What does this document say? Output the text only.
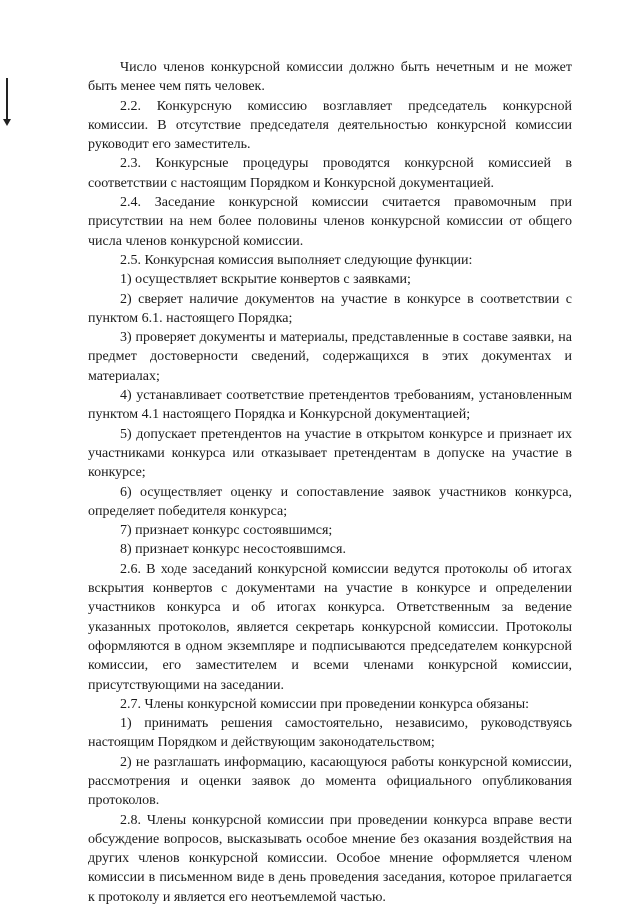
Число членов конкурсной комиссии должно быть нечетным и не может быть менее чем пять человек.

2.2. Конкурсную комиссию возглавляет председатель конкурсной комиссии. В отсутствие председателя деятельностью конкурсной комиссии руководит его заместитель.

2.3. Конкурсные процедуры проводятся конкурсной комиссией в соответствии с настоящим Порядком и Конкурсной документацией.

2.4. Заседание конкурсной комиссии считается правомочным при присутствии на нем более половины членов конкурсной комиссии от общего числа членов конкурсной комиссии.

2.5. Конкурсная комиссия выполняет следующие функции:

1) осуществляет вскрытие конвертов с заявками;

2) сверяет наличие документов на участие в конкурсе в соответствии с пунктом 6.1. настоящего Порядка;

3) проверяет документы и материалы, представленные в составе заявки, на предмет достоверности сведений, содержащихся в этих документах и материалах;

4) устанавливает соответствие претендентов требованиям, установленным пунктом 4.1 настоящего Порядка и Конкурсной документацией;

5) допускает претендентов на участие в открытом конкурсе и признает их участниками конкурса или отказывает претендентам в допуске на участие в конкурсе;

6) осуществляет оценку и сопоставление заявок участников конкурса, определяет победителя конкурса;

7) признает конкурс состоявшимся;

8) признает конкурс несостоявшимся.

2.6. В ходе заседаний конкурсной комиссии ведутся протоколы об итогах вскрытия конвертов с документами на участие в конкурсе и определении участников конкурса и об итогах конкурса. Ответственным за ведение указанных протоколов, является секретарь конкурсной комиссии. Протоколы оформляются в одном экземпляре и подписываются председателем конкурсной комиссии, его заместителем и всеми членами конкурсной комиссии, присутствующими на заседании.

2.7. Члены конкурсной комиссии при проведении конкурса обязаны:

1) принимать решения самостоятельно, независимо, руководствуясь настоящим Порядком и действующим законодательством;

2) не разглашать информацию, касающуюся работы конкурсной комиссии, рассмотрения и оценки заявок до момента официального опубликования протоколов.

2.8. Члены конкурсной комиссии при проведении конкурса вправе вести обсуждение вопросов, высказывать особое мнение без оказания воздействия на других членов конкурсной комиссии. Особое мнение оформляется членом комиссии в письменном виде в день проведения заседания, которое прилагается к протоколу и является его неотъемлемой частью.
